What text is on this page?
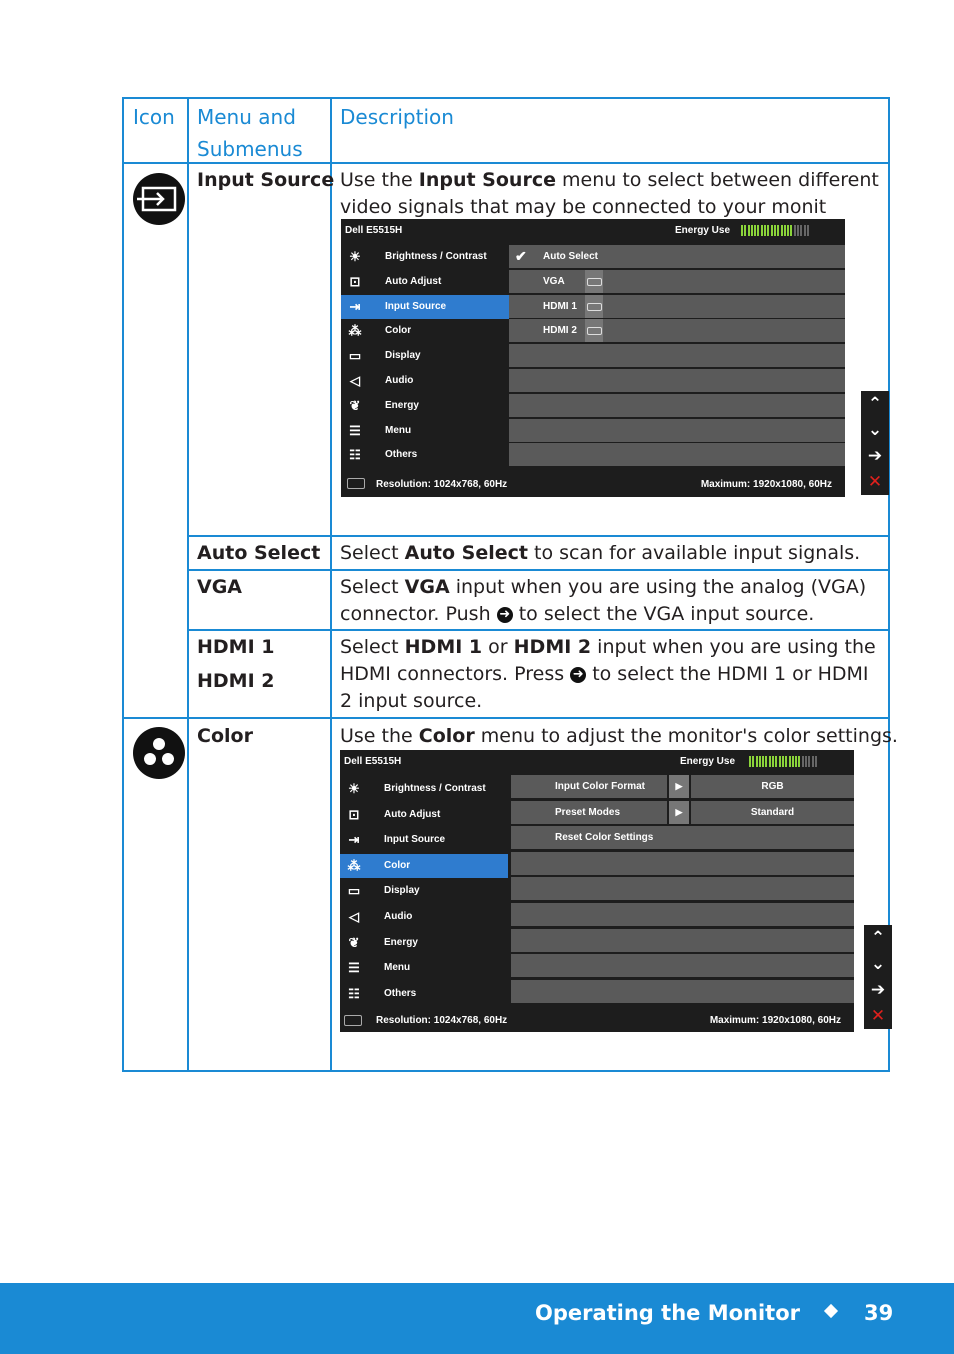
Icon Menu and
Submenus
Description
Input Source Use the Input Source menu to select between different video signals that may be connected to your monit
Auto Select Select Auto Select to scan for available input signals.
VGA	Select VGA input when you are using the analog (VGA) connector. Push ➜ to select the VGA input source.
HDMI 1
HDMI 2
Select HDMI 1 or HDMI 2 input when you are using the HDMI connectors. Press ➜ to select the HDMI 1 or HDMI 2 input source.
Color	Use the Color menu to adjust the monitor's color settings.
Dell E5515H	Energy Use
☀	Brightness / Contrast
⊡	Auto Adjust
⇥	Input Source
⁂ Color
▭ Display
◁	Audio
❦	Energy
☰	Menu
☷	Others
✔ Auto Select
VGA
HDMI 1
HDMI 2
Resolution: 1024x768, 60Hz	Maximum: 1920x1080, 60Hz
⌃
⌄
➔
✕
Dell E5515H	Energy Use
☀	Brightness / Contrast
⊡	Auto Adjust
⇥	Input Source
⁂ Color
▭ Display
◁	Audio
❦	Energy
☰	Menu
☷	Others
Input Color Format	▶	RGB
Preset Modes	▶	Standard
Reset Color Settings
Resolution: 1024x768, 60Hz	Maximum: 1920x1080, 60Hz
⌃
⌄
➔
✕
Operating the Monitor	39
